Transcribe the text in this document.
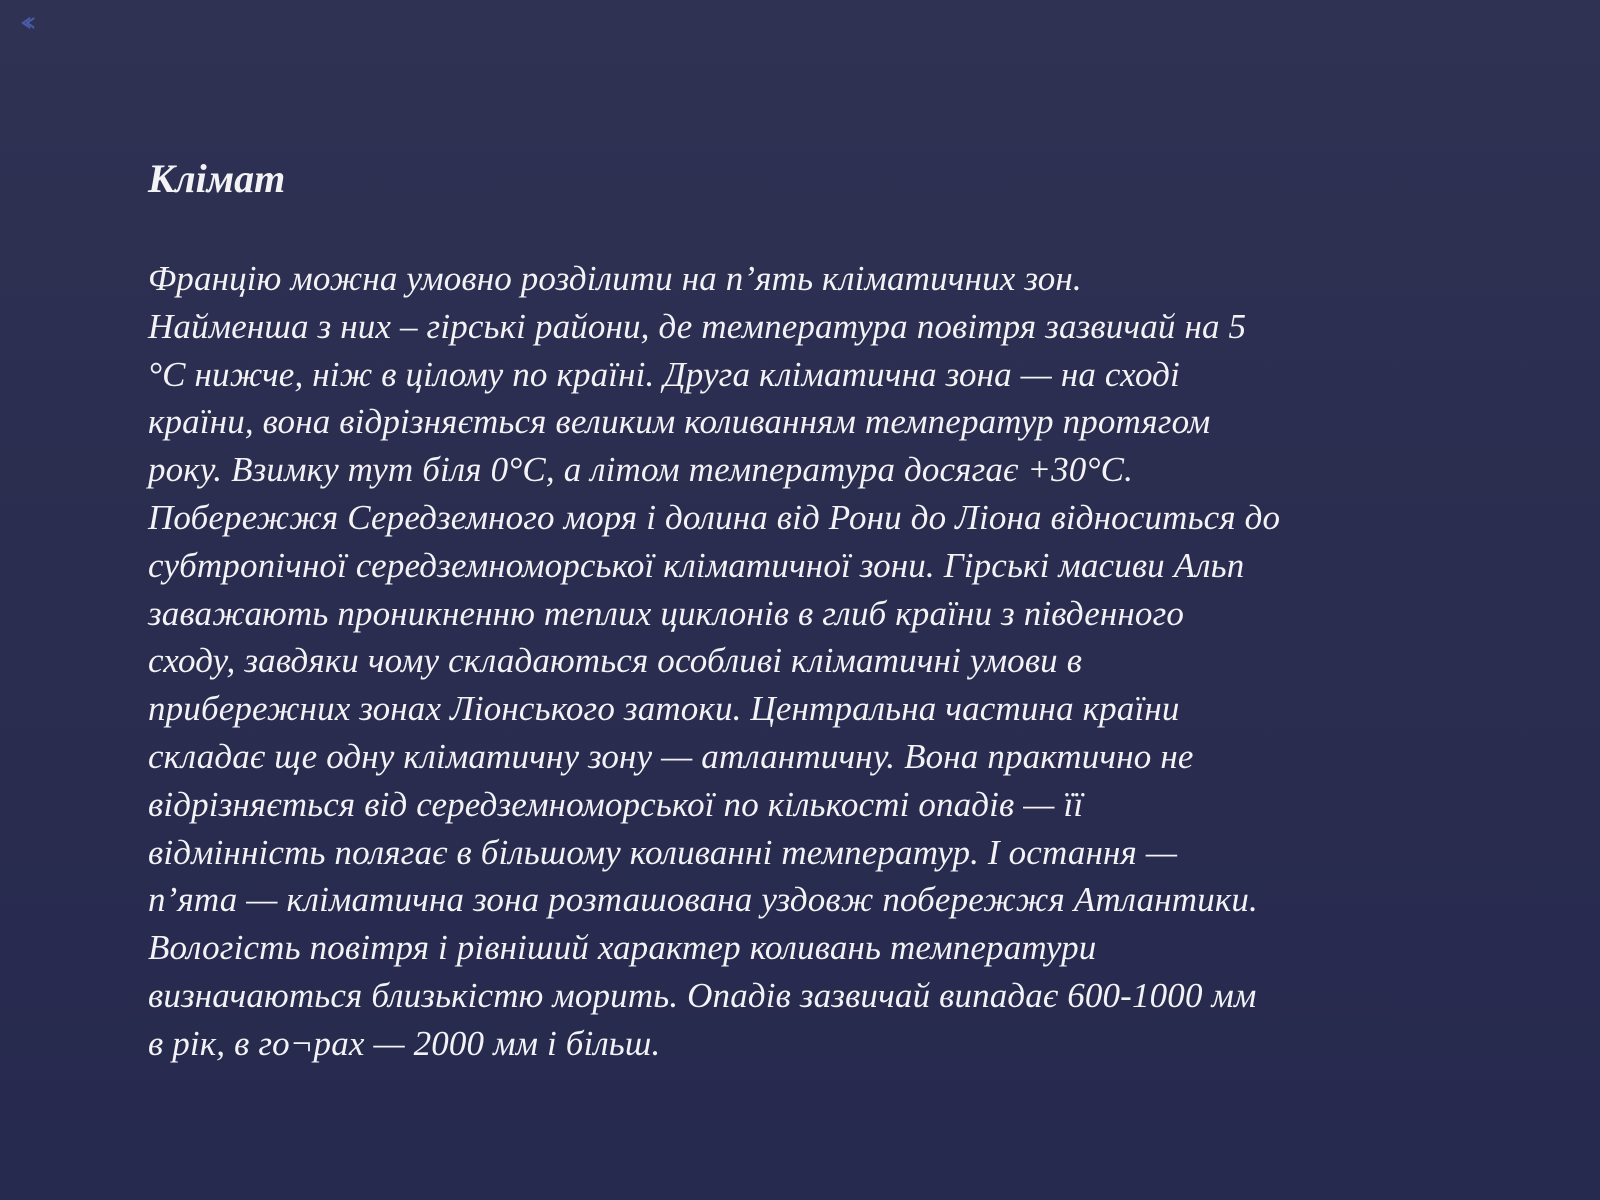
‹‹
Клімат

Францію можна умовно розділити на п’ять кліматичних зон.
Найменша з них – гірські райони, де температура повітря зазвичай на 5
°C нижче, ніж в цілому по країні. Друга кліматична зона — на сході
країни, вона відрізняється великим коливанням температур протягом
року. Взимку тут біля 0°C, а літом температура досягає +30°C.
Побережжя Середземного моря і долина від Рони до Ліона відноситься до
субтропічної середземноморської кліматичної зони. Гірські масиви Альп
заважають проникненню теплих циклонів в глиб країни з південного
сходу, завдяки чому складаються особливі кліматичні умови в
прибережних зонах Ліонського затоки. Центральна частина країни
складає ще одну кліматичну зону — атлантичну. Вона практично не
відрізняється від середземноморської по кількості опадів — її
відмінність полягає в більшому коливанні температур. І остання —
п’ята — кліматична зона розташована уздовж побережжя Атлантики.
Вологість повітря і рівніший характер коливань температури
визначаються близькістю морить. Опадів зазвичай випадає 600-1000 мм
в рік, в го¬рах — 2000 мм і більш.
